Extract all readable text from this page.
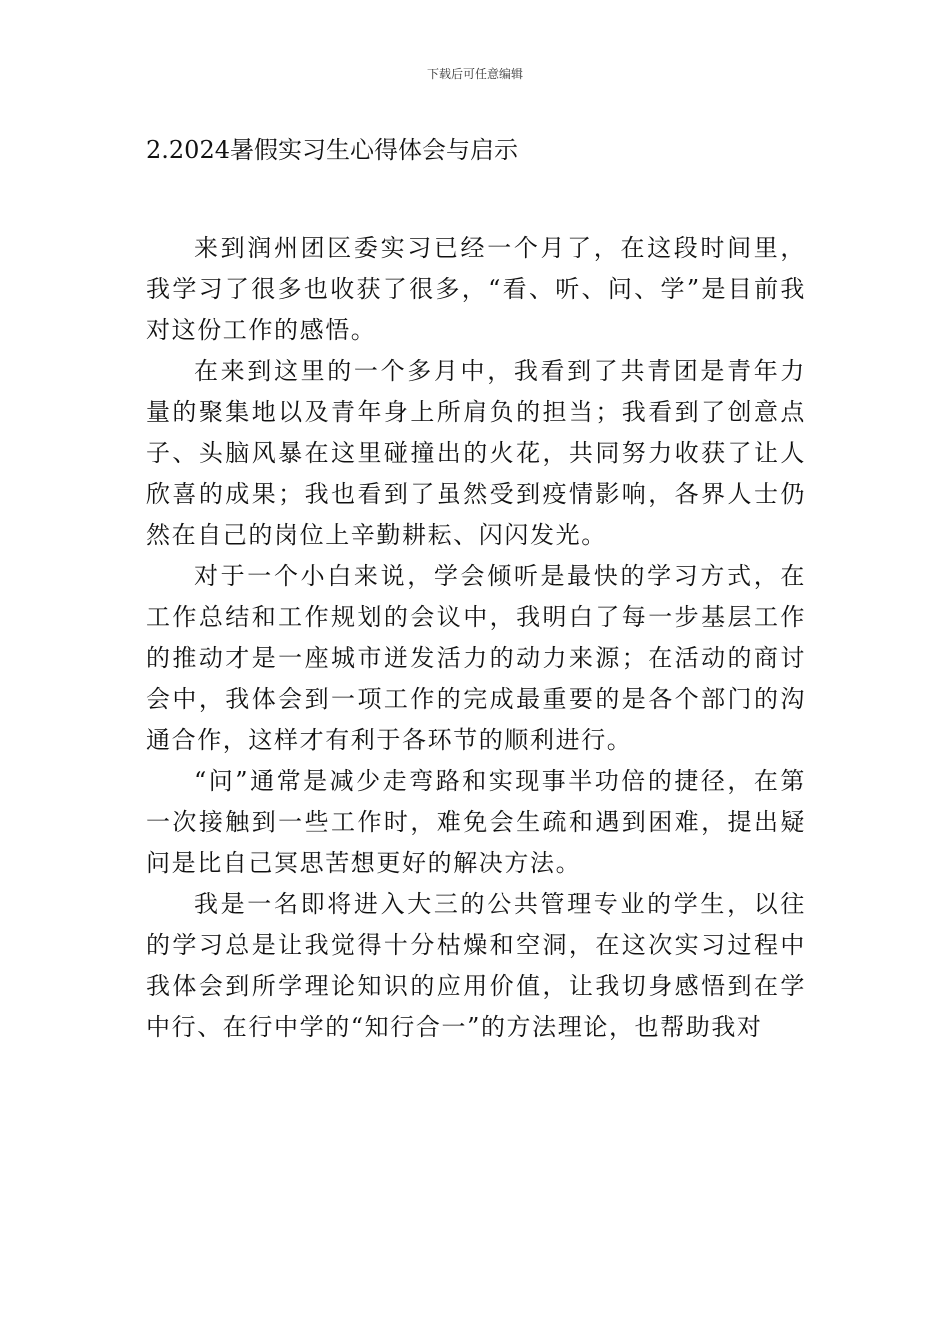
下载后可任意编辑
2.2024暑假实习生心得体会与启示

来到润州团区委实习已经一个月了，在这段时间里，我学习了很多也收获了很多，“看、听、问、学”是目前我对这份工作的感悟。

在来到这里的一个多月中，我看到了共青团是青年力量的聚集地以及青年身上所肩负的担当；我看到了创意点子、头脑风暴在这里碰撞出的火花，共同努力收获了让人欣喜的成果；我也看到了虽然受到疫情影响，各界人士仍然在自己的岗位上辛勤耕耘、闪闪发光。

对于一个小白来说，学会倾听是最快的学习方式，在工作总结和工作规划的会议中，我明白了每一步基层工作的推动才是一座城市迸发活力的动力来源；在活动的商讨会中，我体会到一项工作的完成最重要的是各个部门的沟通合作，这样才有利于各环节的顺利进行。

“问”通常是减少走弯路和实现事半功倍的捷径，在第一次接触到一些工作时，难免会生疏和遇到困难，提出疑问是比自己冥思苦想更好的解决方法。

我是一名即将进入大三的公共管理专业的学生，以往的学习总是让我觉得十分枯燥和空洞，在这次实习过程中我体会到所学理论知识的应用价值，让我切身感悟到在学中行、在行中学的“知行合一”的方法理论，也帮助我对
